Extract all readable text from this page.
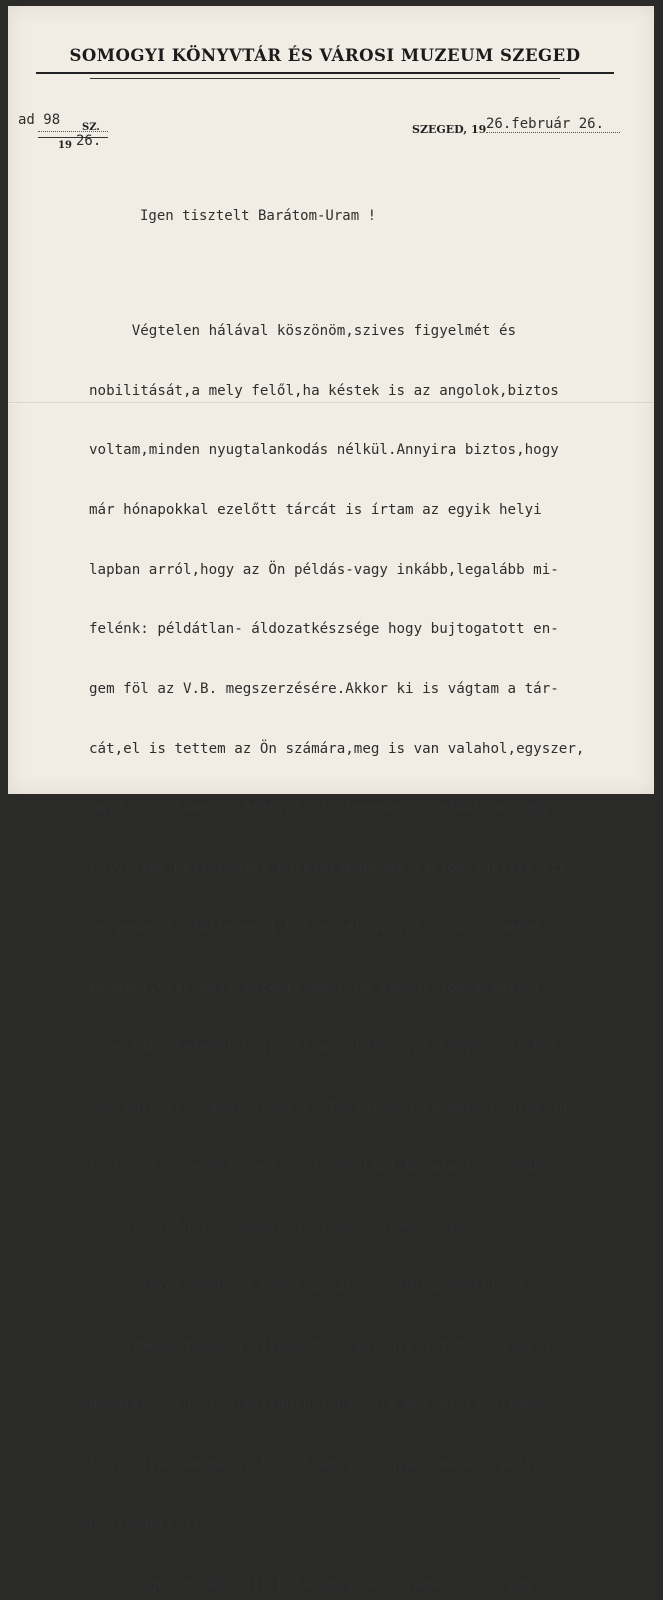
SOMOGYI KÖNYVTÁR ÉS VÁROSI MUZEUM SZEGED
ad 98 SZ.
19 26.
SZEGED, 19 26.február 26.
Igen tisztelt Barátom-Uram !

Végtelen hálával köszönöm,szives figyelmét és

nobilitását,a mely felől,ha késtek is az angolok,biztos

voltam,minden nyugtalankodás nélkül.Annyira biztos,hogy

már hónapokkal ezelőtt tárcát is írtam az egyik helyi

lapban arról,hogy az Ön példás-vagy inkább,legalább mi-

felénk: példátlan- áldozatkészsége hogy bujtogatott en-

gem föl az V.B. megszerzésére.Akkor ki is vágtam a tár-

cát,el is tettem az Ön számára,meg is van valahol,egyszer,

majd ha jobban rá érek,elő is keresem és elküldöm,vagy

fölviszem.Mert kedves kötelességemnek tartom egyszer sze-

mélyesen is fölkeresni Önt és élőszóval is köszönetet

mondani.Csak most istentelenül be vagyok fogva/máskor

csak embertelenül hajszolt az életem/,öt könyvön is kot-

lok egyszerre,a miket az év folyamán a vakmerő Lantos ád

ki.Hozzá az egészségem se jó,családi bajaim is vannak,-

mindez szolgáljon mentségéül késedelmes válaszomnak.

Szeretném,ha a barátság állandósulna köztünk,a

mi természetesen a világért se jelenti azt,mintha az ál-

dozatkészségnek a mostanihoz hasonló mérvét is állandósí-

tani kivánnám,hálás leszek én szerényebb méretü méltá-

nyosságért is.

Legutóbb küldött katalógusában szemet szúrt egy
